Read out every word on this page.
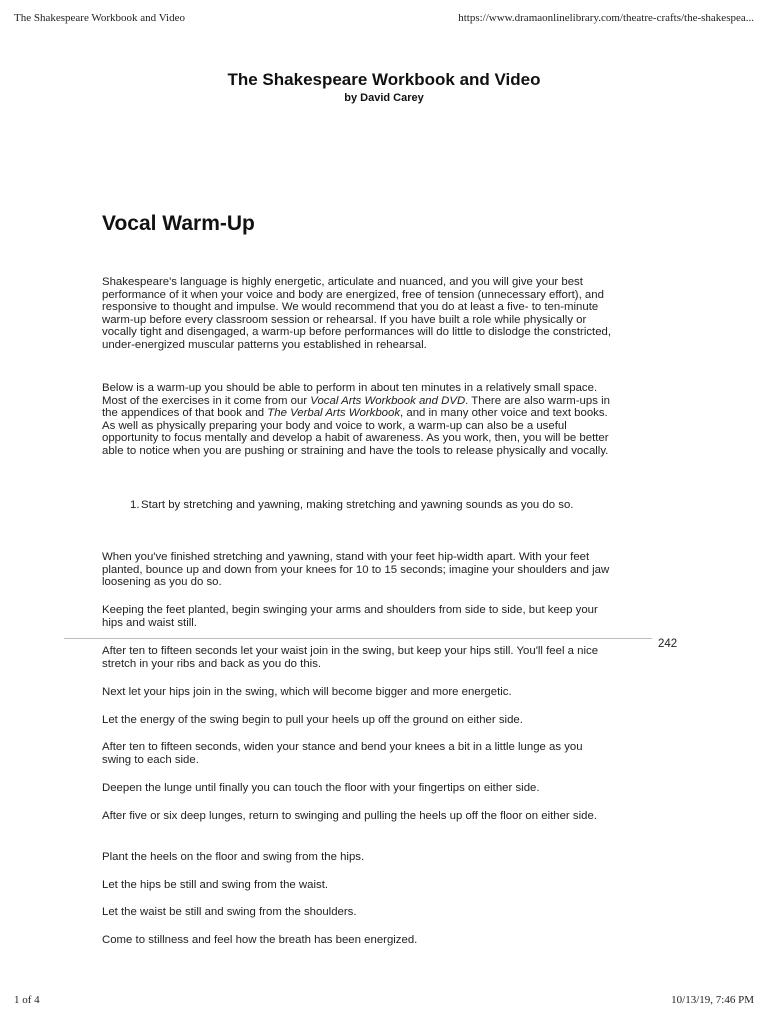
The Shakespeare Workbook and Video	https://www.dramaonlinelibrary.com/theatre-crafts/the-shakespea...
The Shakespeare Workbook and Video
by David Carey
Vocal Warm-Up
Shakespeare's language is highly energetic, articulate and nuanced, and you will give your best performance of it when your voice and body are energized, free of tension (unnecessary effort), and responsive to thought and impulse. We would recommend that you do at least a five- to ten-minute warm-up before every classroom session or rehearsal. If you have built a role while physically or vocally tight and disengaged, a warm-up before performances will do little to dislodge the constricted, under-energized muscular patterns you established in rehearsal.
Below is a warm-up you should be able to perform in about ten minutes in a relatively small space. Most of the exercises in it come from our Vocal Arts Workbook and DVD. There are also warm-ups in the appendices of that book and The Verbal Arts Workbook, and in many other voice and text books. As well as physically preparing your body and voice to work, a warm-up can also be a useful opportunity to focus mentally and develop a habit of awareness. As you work, then, you will be better able to notice when you are pushing or straining and have the tools to release physically and vocally.
1. Start by stretching and yawning, making stretching and yawning sounds as you do so.
When you've finished stretching and yawning, stand with your feet hip-width apart. With your feet planted, bounce up and down from your knees for 10 to 15 seconds; imagine your shoulders and jaw loosening as you do so.
Keeping the feet planted, begin swinging your arms and shoulders from side to side, but keep your hips and waist still.
242
After ten to fifteen seconds let your waist join in the swing, but keep your hips still. You'll feel a nice stretch in your ribs and back as you do this.
Next let your hips join in the swing, which will become bigger and more energetic.
Let the energy of the swing begin to pull your heels up off the ground on either side.
After ten to fifteen seconds, widen your stance and bend your knees a bit in a little lunge as you swing to each side.
Deepen the lunge until finally you can touch the floor with your fingertips on either side.
After five or six deep lunges, return to swinging and pulling the heels up off the floor on either side.
Plant the heels on the floor and swing from the hips.
Let the hips be still and swing from the waist.
Let the waist be still and swing from the shoulders.
Come to stillness and feel how the breath has been energized.
1 of 4	10/13/19, 7:46 PM
